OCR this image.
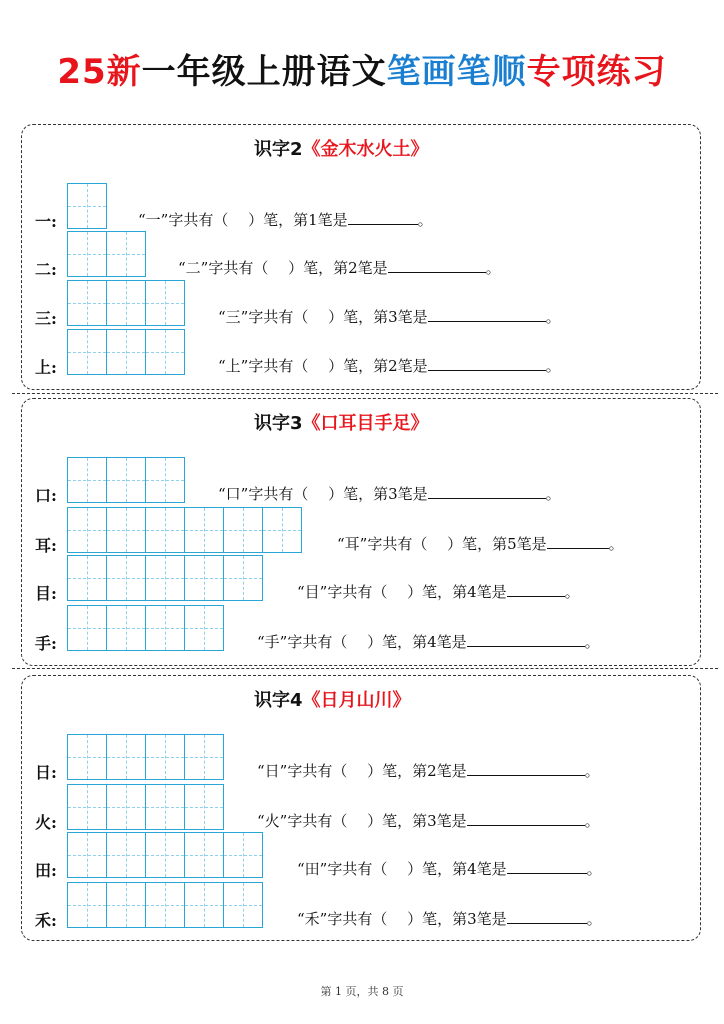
25新一年级上册语文笔画笔顺专项练习
识字2《金木水火土》
一:	“一”字共有（　 ）笔，第1笔是	。
二:	“二”字共有（　 ）笔，第2笔是	。
三:	“三”字共有（　 ）笔，第3笔是	。
上:	“上”字共有（　 ）笔，第2笔是	。
识字3《口耳目手足》
口:	“口”字共有（　 ）笔，第3笔是	。
耳:	“耳”字共有（　 ）笔，第5笔是	。
目:	“目”字共有（　 ）笔，第4笔是	。
手:	“手”字共有（　 ）笔，第4笔是	。
识字4《日月山川》
日:	“日”字共有（　 ）笔，第2笔是	。
火:	“火”字共有（　 ）笔，第3笔是	。
田:	“田”字共有（　 ）笔，第4笔是	。
禾:	“禾”字共有（　 ）笔，第3笔是	。
第 1 页，共 8 页
